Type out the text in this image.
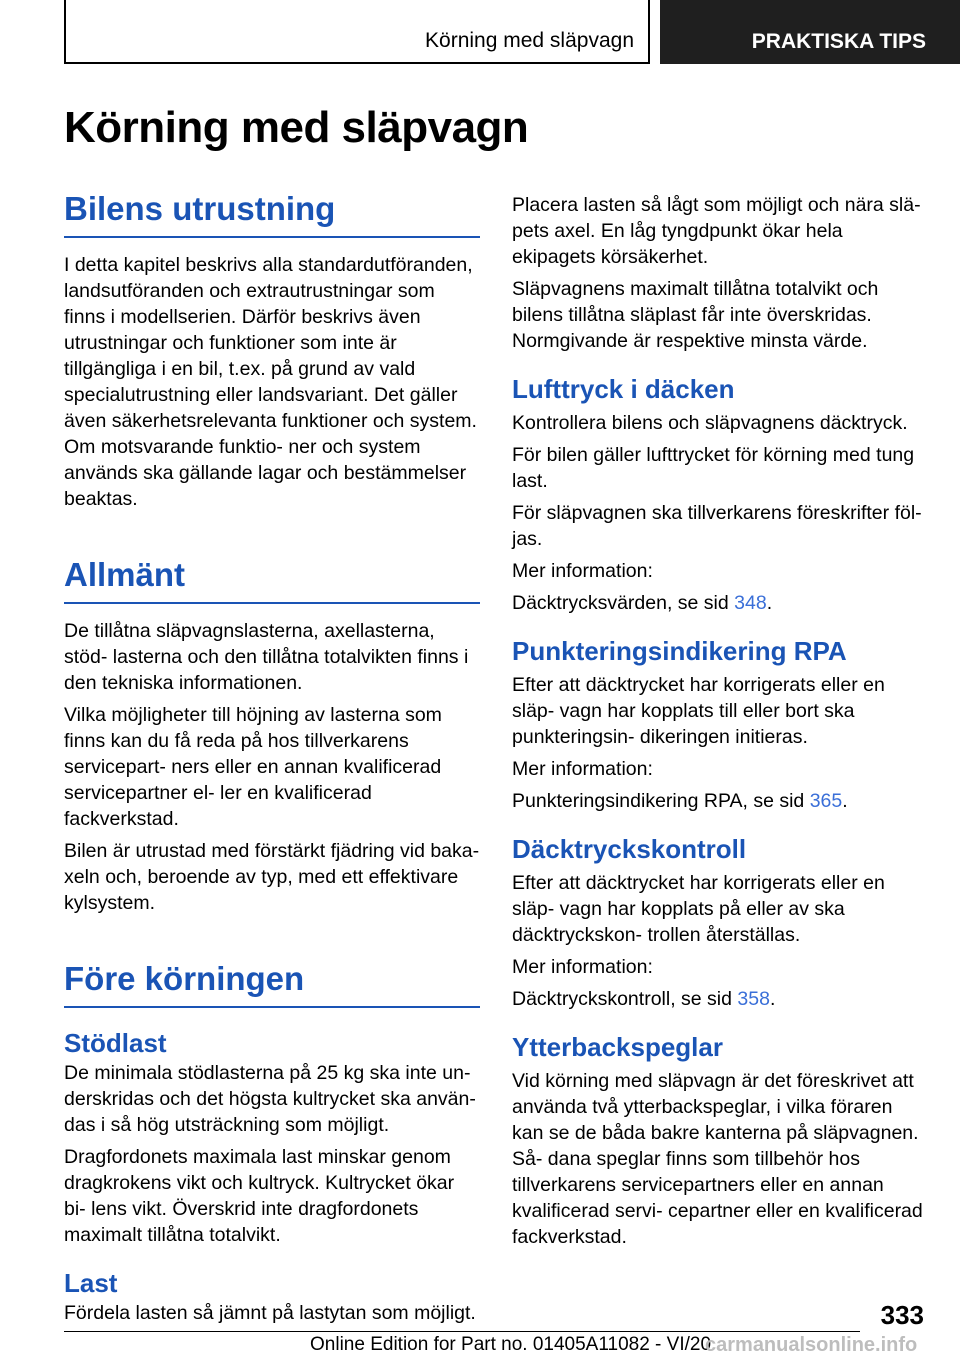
Körning med släpvagn	PRAKTISKA TIPS
Körning med släpvagn
Bilens utrustning

I detta kapitel beskrivs alla standardutföranden, landsutföranden och extrautrustningar som finns i modellserien. Därför beskrivs även utrustningar och funktioner som inte är tillgängliga i en bil, t.ex. på grund av vald specialutrustning eller landsvariant. Det gäller även säkerhetsrelevanta funktioner och system. Om motsvarande funktio- ner och system används ska gällande lagar och bestämmelser beaktas.

Allmänt

De tillåtna släpvagnslasterna, axellasterna, stöd- lasterna och den tillåtna totalvikten finns i den tekniska informationen.

Vilka möjligheter till höjning av lasterna som finns kan du få reda på hos tillverkarens servicepart- ners eller en annan kvalificerad servicepartner el- ler en kvalificerad fackverkstad.

Bilen är utrustad med förstärkt fjädring vid baka- xeln och, beroende av typ, med ett effektivare kylsystem.

Före körningen
Stödlast

De minimala stödlasterna på 25 kg ska inte un- derskridas och det högsta kultrycket ska använ- das i så hög utsträckning som möjligt.

Dragfordonets maximala last minskar genom dragkrokens vikt och kultryck. Kultrycket ökar bi- lens vikt. Överskrid inte dragfordonets maximalt tillåtna totalvikt.

Last

Fördela lasten så jämnt på lastytan som möjligt.

Placera lasten så lågt som möjligt och nära slä- pets axel. En låg tyngdpunkt ökar hela ekipagets körsäkerhet.

Släpvagnens maximalt tillåtna totalvikt och bilens tillåtna släplast får inte överskridas. Normgivande är respektive minsta värde.

Lufttryck i däcken

Kontrollera bilens och släpvagnens däcktryck.

För bilen gäller lufttrycket för körning med tung last.

För släpvagnen ska tillverkarens föreskrifter föl- jas.

Mer information:

Däcktrycksvärden, se sid 348.

Punkteringsindikering RPA

Efter att däcktrycket har korrigerats eller en släp- vagn har kopplats till eller bort ska punkteringsin- dikeringen initieras.

Mer information:

Punkteringsindikering RPA, se sid 365.

Däcktryckskontroll

Efter att däcktrycket har korrigerats eller en släp- vagn har kopplats på eller av ska däcktryckskon- trollen återställas.

Mer information:

Däcktryckskontroll, se sid 358.

Ytterbackspeglar

Vid körning med släpvagn är det föreskrivet att använda två ytterbackspeglar, i vilka föraren kan se de båda bakre kanterna på släpvagnen. Så- dana speglar finns som tillbehör hos tillverkarens servicepartners eller en annan kvalificerad servi- cepartner eller en kvalificerad fackverkstad.

333
Online Edition for Part no. 01405A11082 - VI/20
carmanualsonline.info
